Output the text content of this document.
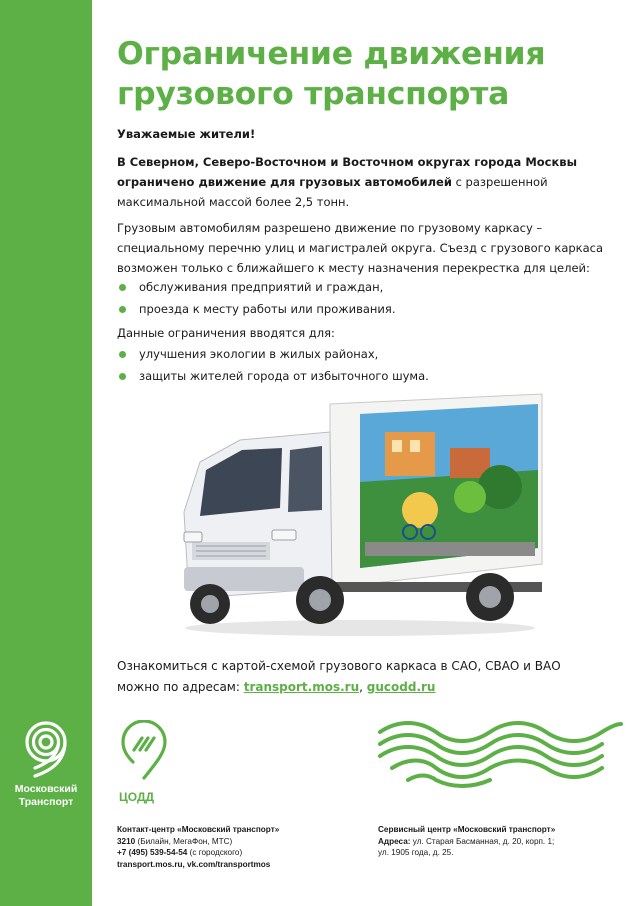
Московский
Транспорт
Ограничение движения
грузового транспорта
Уважаемые жители!
В Северном, Северо-Восточном и Восточном округах города Москвы ограничено движение для грузовых автомобилей с разрешенной максимальной массой более 2,5 тонн.
Грузовым автомобилям разрешено движение по грузовому каркасу – специальному перечню улиц и магистралей округа. Съезд с грузового каркаса возможен только с ближайшего к месту назначения перекрестка для целей:
обслуживания предприятий и граждан,
проезда к месту работы или проживания.
Данные ограничения вводятся для:
улучшения экологии в жилых районах,
защиты жителей города от избыточного шума.
Ознакомиться с картой-схемой грузового каркаса в САО, СВАО и ВАО
можно по адресам: transport.mos.ru, gucodd.ru
ЦОДД
Контакт-центр «Московский транспорт»
3210 (Билайн, МегаФон, МТС)
+7 (495) 539-54-54 (с городского)
transport.mos.ru, vk.com/transportmos
Сервисный центр «Московский транспорт»
Адреса: ул. Старая Басманная, д. 20, корп. 1;
ул. 1905 года, д. 25.
